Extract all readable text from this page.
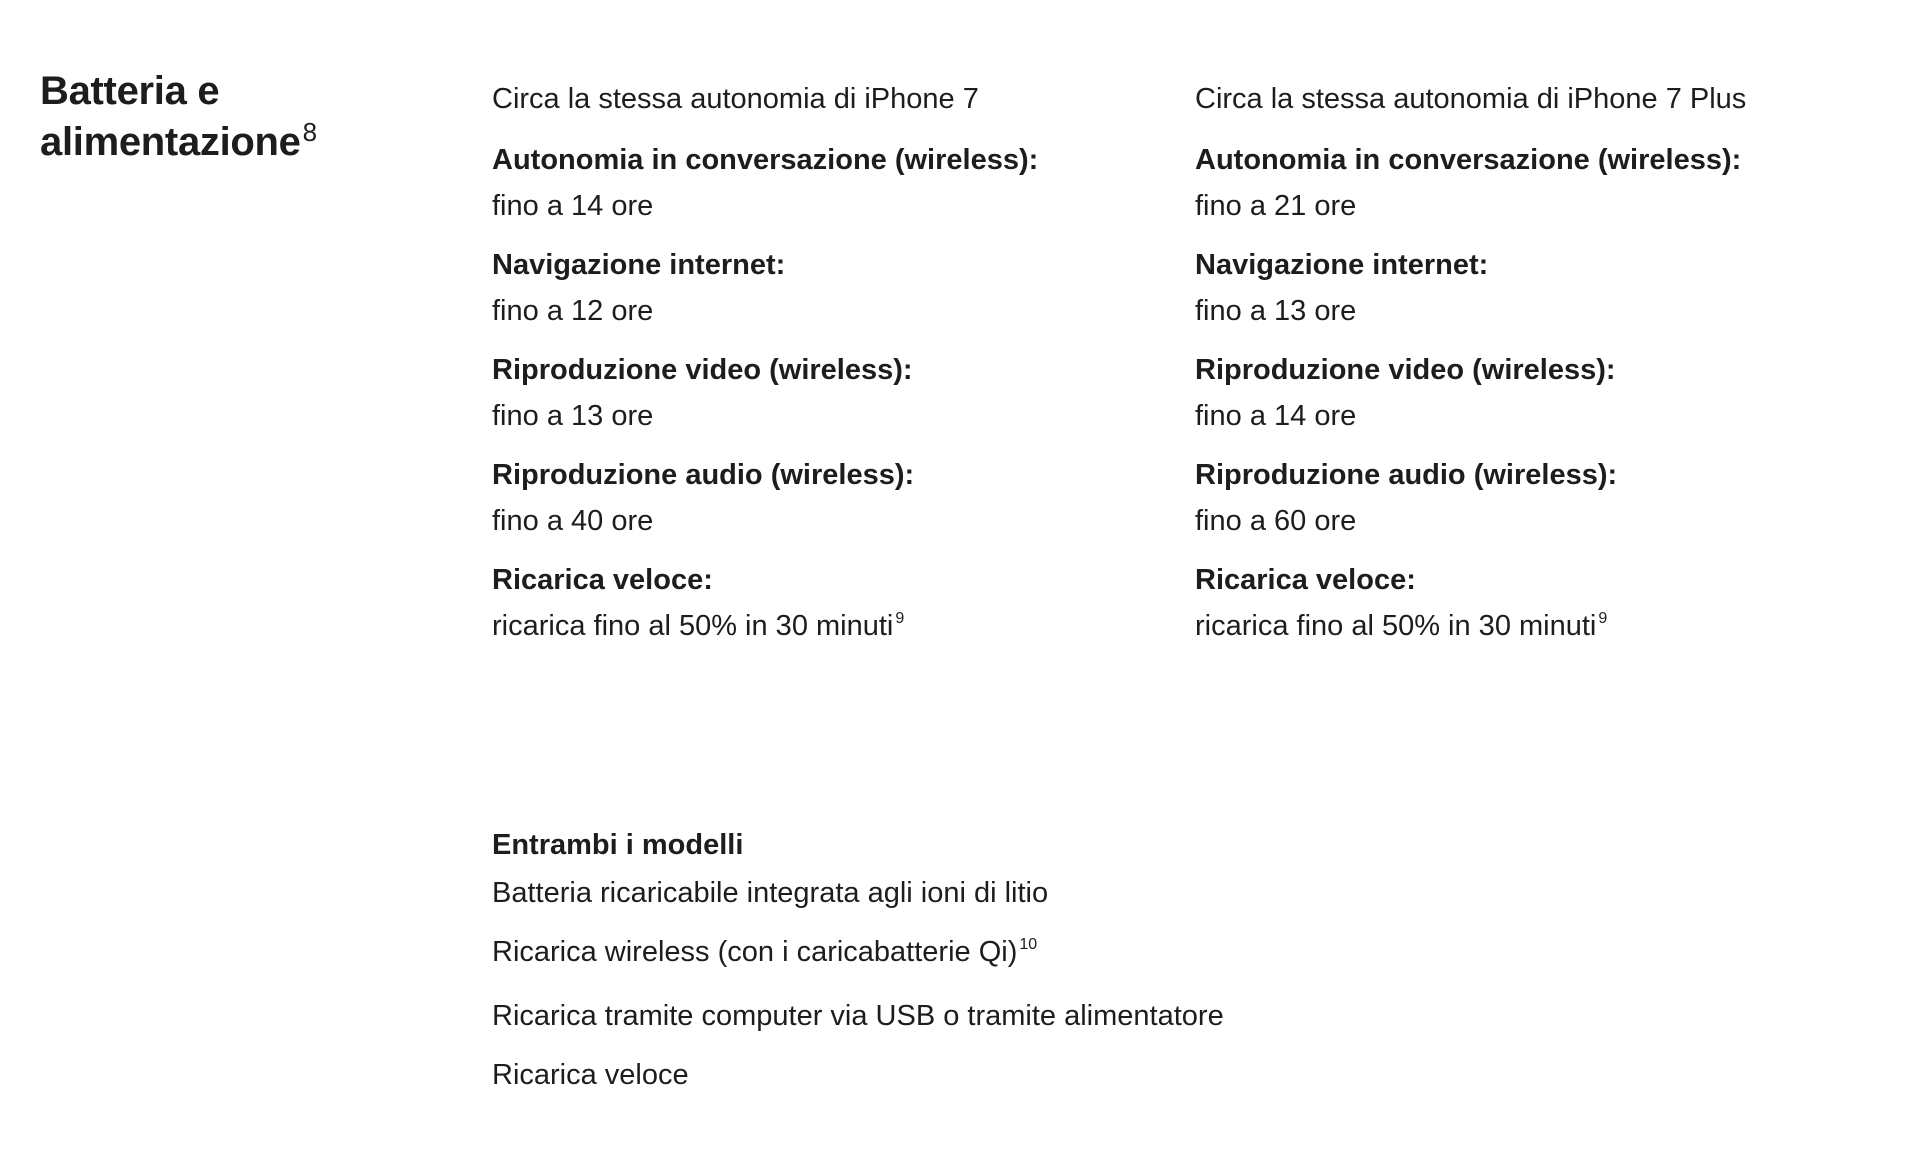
Batteria e
alimentazione$^8$

Circa la stessa autonomia di iPhone 7

Autonomia in conversazione (wireless):
fino a 14 ore
Navigazione internet:
fino a 12 ore
Riproduzione video (wireless):
fino a 13 ore
Riproduzione audio (wireless):
fino a 40 ore
Ricarica veloce:
ricarica fino al 50% in 30 minuti $^9$

Circa la stessa autonomia di iPhone 7 Plus

Autonomia in conversazione (wireless):
fino a 21 ore
Navigazione internet:
fino a 13 ore
Riproduzione video (wireless):
fino a 14 ore
Riproduzione audio (wireless):
fino a 60 ore
Ricarica veloce:
ricarica fino al 50% in 30 minuti $^9$
Entrambi i modelli
Batteria ricaricabile integrata agli ioni di litio
Ricarica wireless (con i caricabatterie Qi) $^{10}$
Ricarica tramite computer via USB o tramite alimentatore
Ricarica veloce
